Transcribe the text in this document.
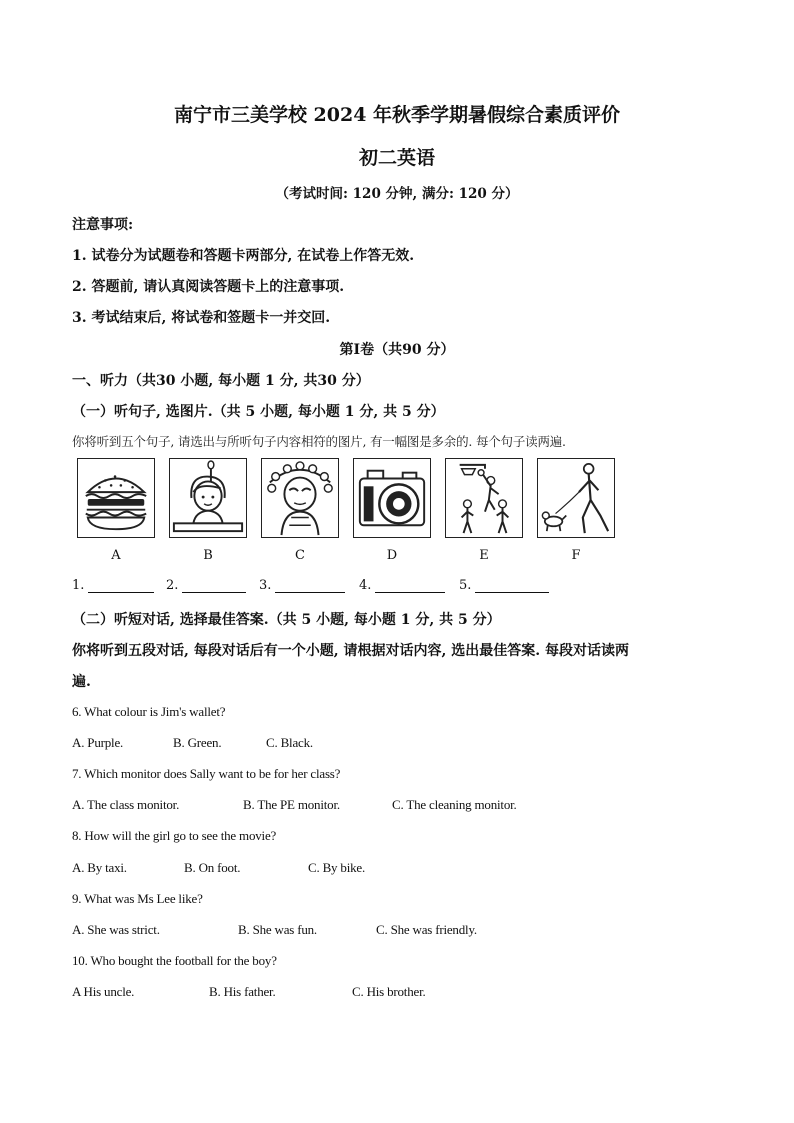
南宁市三美学校 2024 年秋季学期暑假综合素质评价
初二英语
（考试时间: 120 分钟, 满分: 120 分）
注意事项:
1. 试卷分为试题卷和答题卡两部分, 在试卷上作答无效.
2. 答题前, 请认真阅读答题卡上的注意事项.
3. 考试结束后, 将试卷和签题卡一并交回.
第Ⅰ卷（共90 分）
一、听力（共30 小题, 每小题 1 分, 共30 分）
（一）听句子, 选图片.（共 5 小题, 每小题 1 分, 共 5 分）
你将听到五个句子, 请选出与所听句子内容相符的图片, 有一幅图是多余的. 每个句子读两遍.
A	B	C	D	E	F
1.	2.	3.	4.	5.
（二）听短对话, 选择最佳答案.（共 5 小题, 每小题 1 分, 共 5 分）
你将听到五段对话, 每段对话后有一个小题, 请根据对话内容, 选出最佳答案. 每段对话读两
遍.
6. What colour is Jim's wallet?
A. Purple.	B. Green.	C. Black.
7. Which monitor does Sally want to be for her class?
A. The class monitor.	B. The PE monitor.	C. The cleaning monitor.
8. How will the girl go to see the movie?
A. By taxi.	B. On foot.	C. By bike.
9. What was Ms Lee like?
A. She was strict.	B. She was fun.	C. She was friendly.
10. Who bought the football for the boy?
A His uncle.	B. His father.	C. His brother.
